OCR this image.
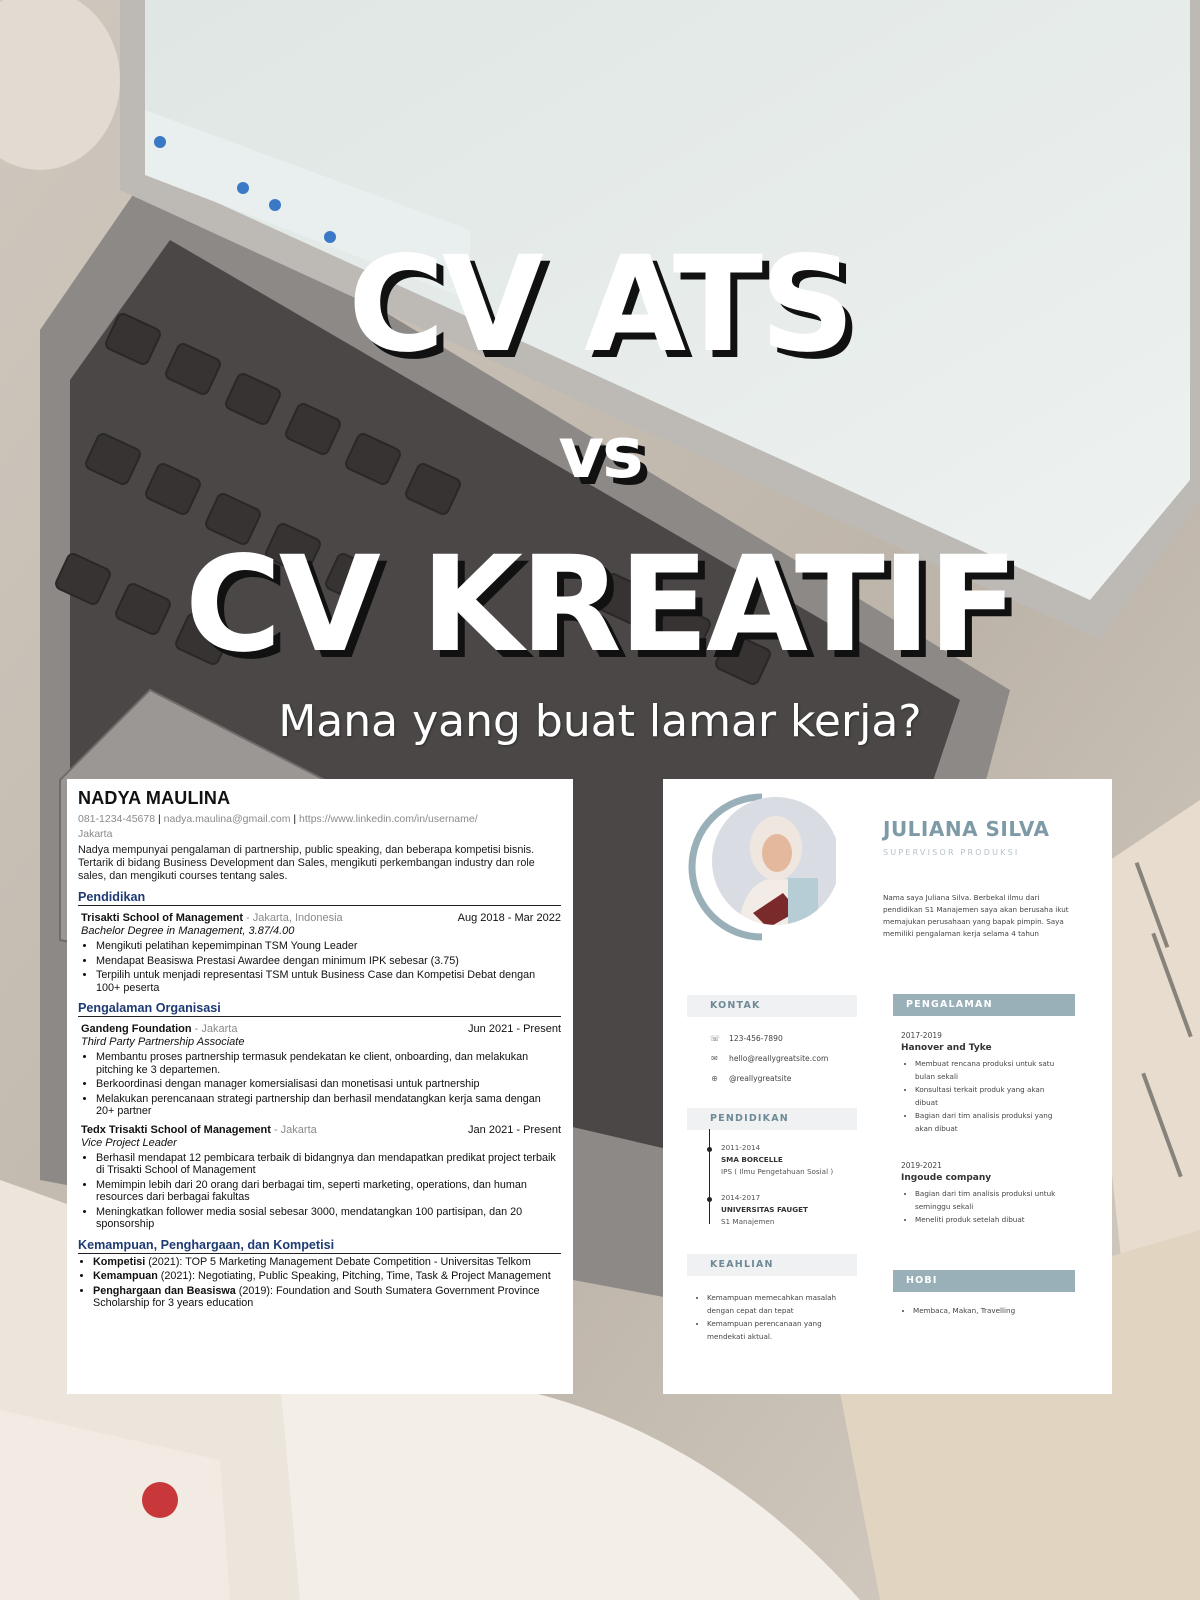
CV ATS
vs
CV KREATIF
Mana yang buat lamar kerja?
NADYA MAULINA
081-1234-45678 | nadya.maulina@gmail.com | https://www.linkedin.com/in/username/
Jakarta
Nadya mempunyai pengalaman di partnership, public speaking, dan beberapa kompetisi bisnis. Tertarik di bidang Business Development dan Sales, mengikuti perkembangan industry dan role sales, dan mengikuti courses tentang sales.
Pendidikan
Trisakti School of Management - Jakarta, Indonesia	Aug 2018 - Mar 2022
Bachelor Degree in Management, 3.87/4.00
• Mengikuti pelatihan kepemimpinan TSM Young Leader
• Mendapat Beasiswa Prestasi Awardee dengan minimum IPK sebesar (3.75)
• Terpilih untuk menjadi representasi TSM untuk Business Case dan Kompetisi Debat dengan 100+ peserta
Pengalaman Organisasi
Gandeng Foundation - Jakarta	Jun 2021 - Present
Third Party Partnership Associate
• Membantu proses partnership termasuk pendekatan ke client, onboarding, dan melakukan pitching ke 3 departemen.
• Berkoordinasi dengan manager komersialisasi dan monetisasi untuk partnership
• Melakukan perencanaan strategi partnership dan berhasil mendatangkan kerja sama dengan 20+ partner
Tedx Trisakti School of Management - Jakarta	Jan 2021 - Present
Vice Project Leader
• Berhasil mendapat 12 pembicara terbaik di bidangnya dan mendapatkan predikat project terbaik di Trisakti School of Management
• Memimpin lebih dari 20 orang dari berbagai tim, seperti marketing, operations, dan human resources dari berbagai fakultas
• Meningkatkan follower media sosial sebesar 3000, mendatangkan 100 partisipan, dan 20 sponsorship
Kemampuan, Penghargaan, dan Kompetisi
• Kompetisi (2021): TOP 5 Marketing Management Debate Competition - Universitas Telkom
• Kemampuan (2021): Negotiating, Public Speaking, Pitching, Time, Task & Project Management
• Penghargaan dan Beasiswa (2019): Foundation and South Sumatera Government Province Scholarship for 3 years education
JULIANA SILVA
SUPERVISOR PRODUKSI
Nama saya Juliana Silva. Berbekal ilmu dari pendidikan S1 Manajemen saya akan berusaha ikut memajukan perusahaan yang bapak pimpin. Saya memiliki pengalaman kerja selama 4 tahun
KONTAK
☏ 123-456-7890
✉ hello@reallygreatsite.com
⊕ @reallygreatsite
PENDIDIKAN
2011-2014
SMA BORCELLE
IPS ( Ilmu Pengetahuan Sosial )
2014-2017
UNIVERSITAS FAUGET
S1 Manajemen
KEAHLIAN
• Kemampuan memecahkan masalah dengan cepat dan tepat
• Kemampuan perencanaan yang mendekati aktual.
PENGALAMAN
2017-2019
Hanover and Tyke
• Membuat rencana produksi untuk satu bulan sekali
• Konsultasi terkait produk yang akan dibuat
• Bagian dari tim analisis produksi yang akan dibuat
2019-2021
Ingoude company
• Bagian dari tim analisis produksi untuk seminggu sekali
• Meneliti produk setelah dibuat
HOBI
• Membaca, Makan, Travelling
